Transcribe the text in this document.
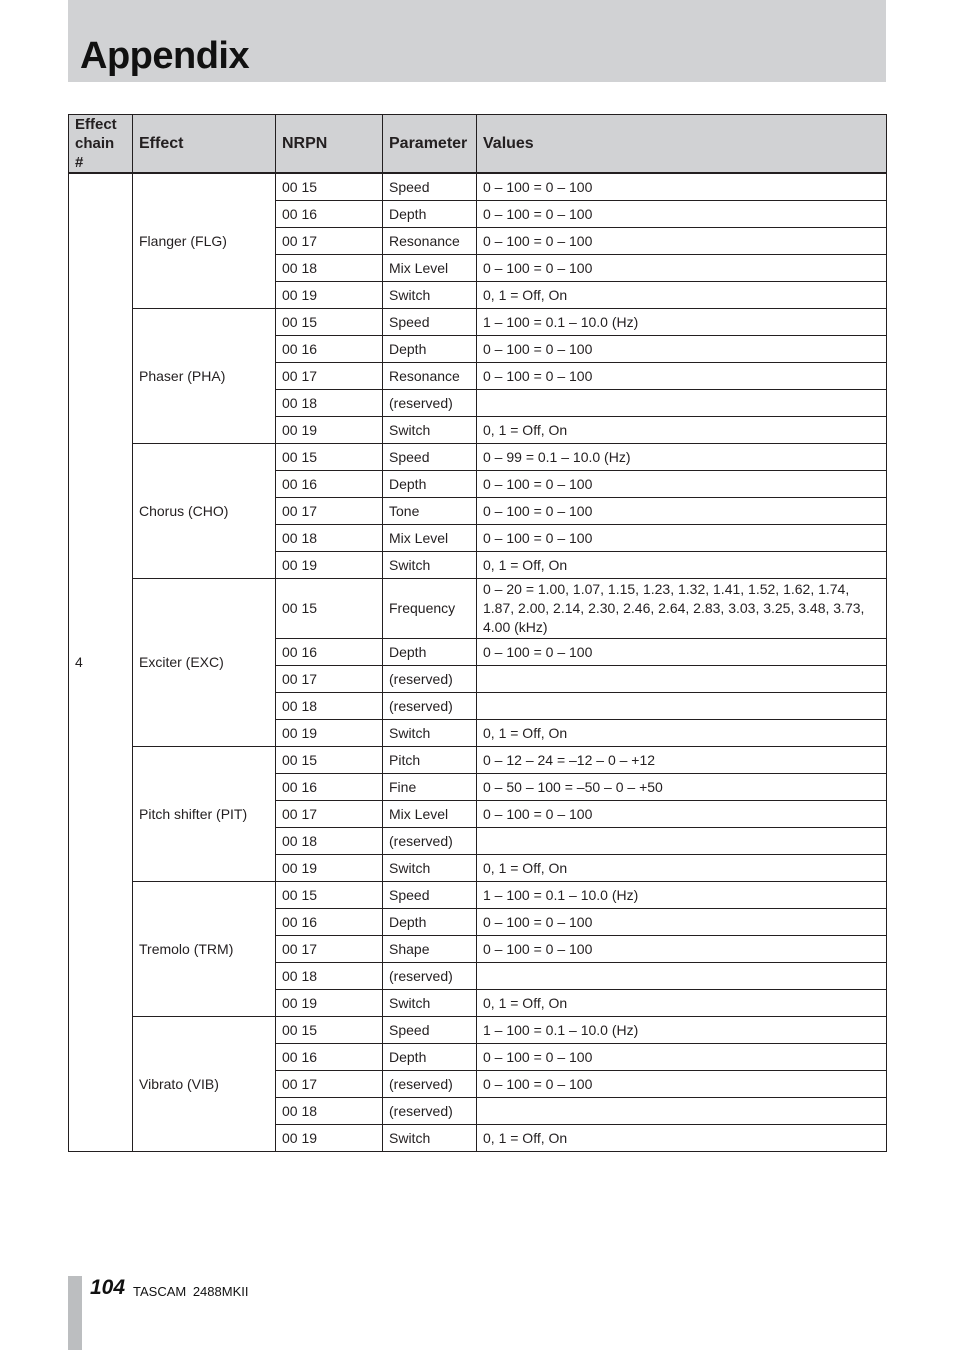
Appendix
Effect chain #	Effect	NRPN	Parameter	Values
4	Flanger (FLG)	00 15	Speed	0 – 100 = 0 – 100
		00 16	Depth	0 – 100 = 0 – 100
		00 17	Resonance	0 – 100 = 0 – 100
		00 18	Mix Level	0 – 100 = 0 – 100
		00 19	Switch	0, 1 = Off, On
	Phaser (PHA)	00 15	Speed	1 – 100 = 0.1 – 10.0 (Hz)
		00 16	Depth	0 – 100 = 0 – 100
		00 17	Resonance	0 – 100 = 0 – 100
		00 18	(reserved)	
		00 19	Switch	0, 1 = Off, On
	Chorus (CHO)	00 15	Speed	0 – 99 = 0.1 – 10.0 (Hz)
		00 16	Depth	0 – 100 = 0 – 100
		00 17	Tone	0 – 100 = 0 – 100
		00 18	Mix Level	0 – 100 = 0 – 100
		00 19	Switch	0, 1 = Off, On
	Exciter (EXC)	00 15	Frequency	0 – 20 = 1.00, 1.07, 1.15, 1.23, 1.32, 1.41, 1.52, 1.62, 1.74, 1.87, 2.00, 2.14, 2.30, 2.46, 2.64, 2.83, 3.03, 3.25, 3.48, 3.73, 4.00 (kHz)
		00 16	Depth	0 – 100 = 0 – 100
		00 17	(reserved)	
		00 18	(reserved)	
		00 19	Switch	0, 1 = Off, On
	Pitch shifter (PIT)	00 15	Pitch	0 – 12 – 24 = –12 – 0 – +12
		00 16	Fine	0 – 50 – 100 = –50 – 0 – +50
		00 17	Mix Level	0 – 100 = 0 – 100
		00 18	(reserved)	
		00 19	Switch	0, 1 = Off, On
	Tremolo (TRM)	00 15	Speed	1 – 100 = 0.1 – 10.0 (Hz)
		00 16	Depth	0 – 100 = 0 – 100
		00 17	Shape	0 – 100 = 0 – 100
		00 18	(reserved)	
		00 19	Switch	0, 1 = Off, On
	Vibrato (VIB)	00 15	Speed	1 – 100 = 0.1 – 10.0 (Hz)
		00 16	Depth	0 – 100 = 0 – 100
		00 17	(reserved)	0 – 100 = 0 – 100
		00 18	(reserved)	
		00 19	Switch	0, 1 = Off, On
104 TASCAM 2488MKII
